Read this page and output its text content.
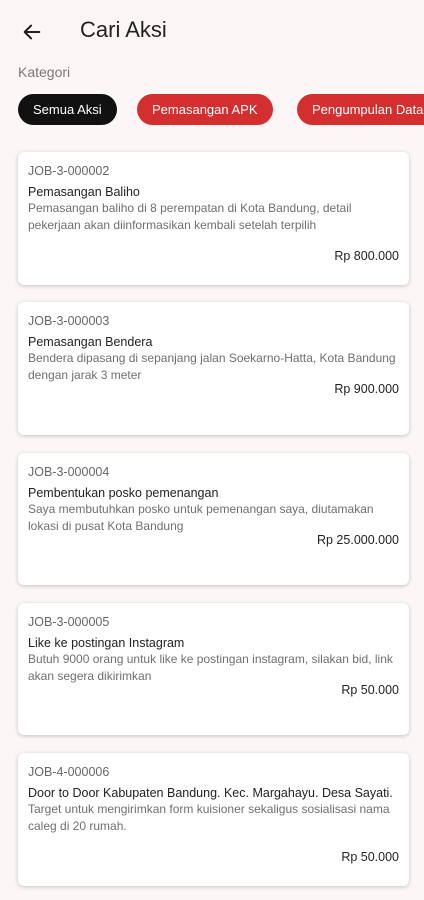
Cari Aksi
Kategori
Semua Aksi	Pemasangan APK	Pengumpulan Data
JOB-3-000002
Pemasangan Baliho
Pemasangan baliho di 8 perempatan di Kota Bandung, detail pekerjaan akan diinformasikan kembali setelah terpilih
Rp 800.000
JOB-3-000003
Pemasangan Bendera
Bendera dipasang di sepanjang jalan Soekarno-Hatta, Kota Bandung dengan jarak 3 meter
Rp 900.000
JOB-3-000004
Pembentukan posko pemenangan
Saya membutuhkan posko untuk pemenangan saya, diutamakan lokasi di pusat Kota Bandung
Rp 25.000.000
JOB-3-000005
Like ke postingan Instagram
Butuh 9000 orang untuk like ke postingan instagram, silakan bid, link akan segera dikirimkan
Rp 50.000
JOB-4-000006
Door to Door Kabupaten Bandung. Kec. Margahayu. Desa Sayati.
Target untuk mengirimkan form kuisioner sekaligus sosialisasi nama caleg di 20 rumah.
Rp 50.000
